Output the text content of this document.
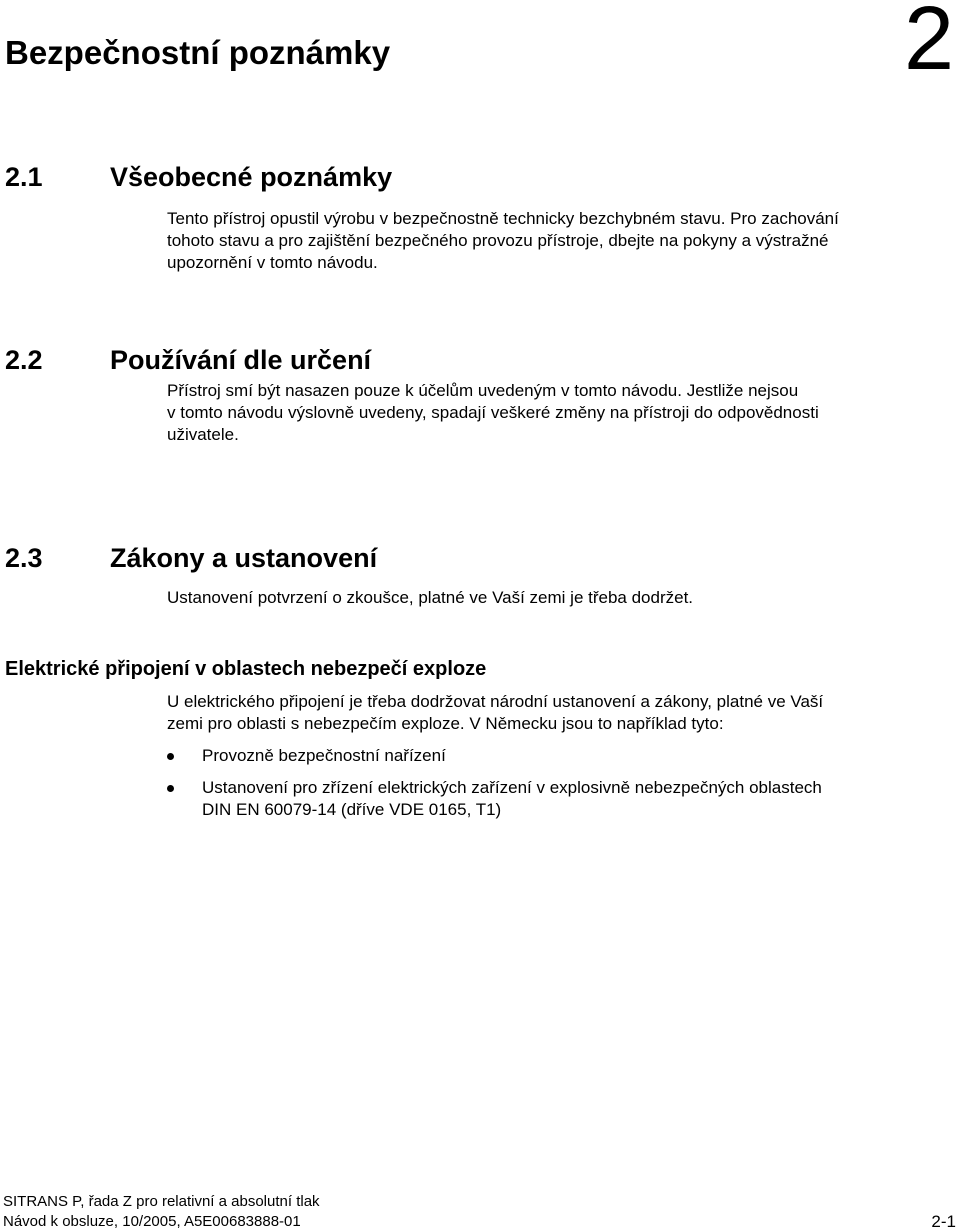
Bezpečnostní poznámky	2
2.1 Všeobecné poznámky
Tento přístroj opustil výrobu v bezpečnostně technicky bezchybném stavu. Pro zachování
tohoto stavu a pro zajištění bezpečného provozu přístroje, dbejte na pokyny a výstražné
upozornění v tomto návodu.
2.2 Používání dle určení
Přístroj smí být nasazen pouze k účelům uvedeným v tomto návodu. Jestliže nejsou
v tomto návodu výslovně uvedeny, spadají veškeré změny na přístroji do odpovědnosti
uživatele.
2.3 Zákony a ustanovení
Ustanovení potvrzení o zkoušce, platné ve Vaší zemi je třeba dodržet.
Elektrické připojení v oblastech nebezpečí exploze
U elektrického připojení je třeba dodržovat národní ustanovení a zákony, platné ve Vaší
zemi pro oblasti s nebezpečím exploze. V Německu jsou to například tyto:
Provozně bezpečnostní nařízení
Ustanovení pro zřízení elektrických zařízení v explosivně nebezpečných oblastech
DIN EN 60079-14 (dříve VDE 0165, T1)
SITRANS P, řada Z pro relativní a absolutní tlak
Návod k obsluze, 10/2005, A5E00683888-01	2-1
